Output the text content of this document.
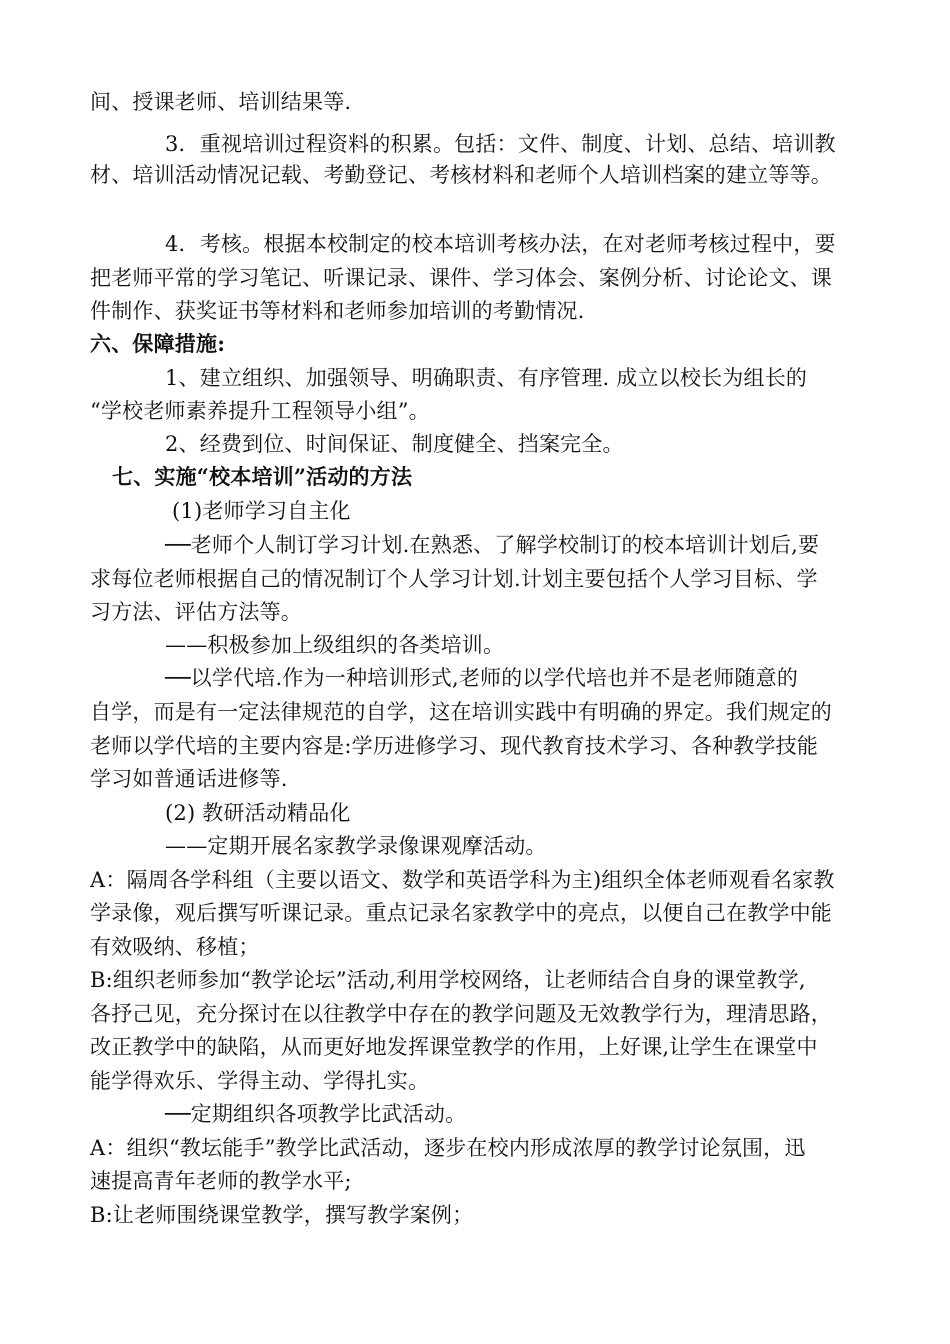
间、授课老师、培训结果等.
3．重视培训过程资料的积累。包括：文件、制度、计划、总结、培训教
材、培训活动情况记载、考勤登记、考核材料和老师个人培训档案的建立等等。
4．考核。根据本校制定的校本培训考核办法，在对老师考核过程中，要
把老师平常的学习笔记、听课记录、课件、学习体会、案例分析、讨论论文、课
件制作、获奖证书等材料和老师参加培训的考勤情况.
六、保障措施:
1、建立组织、加强领导、明确职责、有序管理. 成立以校长为组长的
“学校老师素养提升工程领导小组”。
2、经费到位、时间保证、制度健全、挡案完全。
七、实施“校本培训”活动的方法
(1)老师学习自主化
──老师个人制订学习计划.在熟悉、了解学校制订的校本培训计划后,要
求每位老师根据自己的情况制订个人学习计划.计划主要包括个人学习目标、学
习方法、评估方法等。
——积极参加上级组织的各类培训。
──以学代培.作为一种培训形式,老师的以学代培也并不是老师随意的
自学，而是有一定法律规范的自学，这在培训实践中有明确的界定。我们规定的
老师以学代培的主要内容是:学历进修学习、现代教育技术学习、各种教学技能
学习如普通话进修等.
(2) 教研活动精品化
——定期开展名家教学录像课观摩活动。
A：隔周各学科组（主要以语文、数学和英语学科为主)组织全体老师观看名家教
学录像，观后撰写听课记录。重点记录名家教学中的亮点，以便自己在教学中能
有效吸纳、移植；
B:组织老师参加“教学论坛”活动,利用学校网络，让老师结合自身的课堂教学,
各抒己见，充分探讨在以往教学中存在的教学问题及无效教学行为，理清思路，
改正教学中的缺陷，从而更好地发挥课堂教学的作用，上好课,让学生在课堂中
能学得欢乐、学得主动、学得扎实。
──定期组织各项教学比武活动。
A：组织“教坛能手”教学比武活动，逐步在校内形成浓厚的教学讨论氛围，迅
速提高青年老师的教学水平;
B:让老师围绕课堂教学，撰写教学案例；
